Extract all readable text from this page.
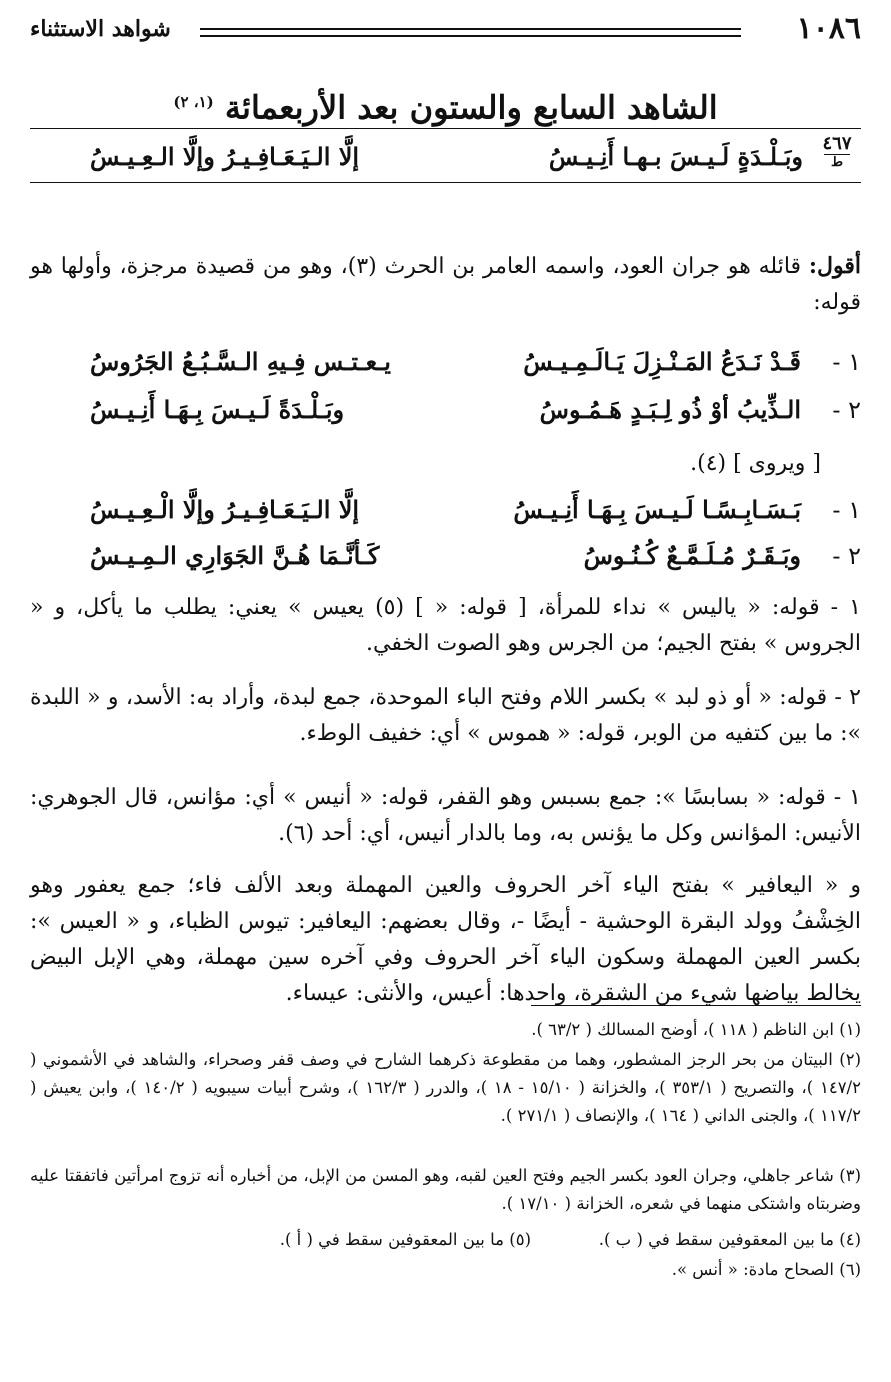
١٠٨٦
شواهد الاستثناء
الشاهد السابع والستون بعد الأربعمائة $^{(١، ٢)}$
٤٦٧
ط
وبَـلْـدَةٍ لَـيـسَ بـهـا أَنِـيـسُ
إلَّا الـيَـعَـافِـيـرُ وإلَّا الـعِـيـسُ
أقول: قائله هو جران العود، واسمه العامر بن الحرث (٣)، وهو من قصيدة مرجزة، وأولها هو قوله:
١ -
قَـدْ نَـدَعُ المَـنْـزِلَ يَـالَـمِـيـسُ
يـعـتـس فِـيهِ الـسَّـبُـعُ الجَرُوسُ
٢ -
الـذِّيبُ أوْ ذُو لِـبَـدٍ هَـمُـوسُ
وبَـلْـدَةً لَـيـسَ بِـهَـا أَنِـيـسُ
[ ويروى ] (٤).
١ -
بَـسَـابِـسًـا لَـيـسَ بِـهَـا أَنِـيـسُ
إلَّا الـيَـعَـافِـيـرُ وإلَّا الْـعِـيـسُ
٢ -
وبَـقَـرٌ مُـلَـمَّـعٌ كُـنُـوسُ
كَـأنَّـمَا هُـنَّ الجَوَارِي الـمِـيـسُ
١ - قوله: « ياليس » نداء للمرأة، [ قوله: « ] (٥) يعيس » يعني: يطلب ما يأكل، و « الجروس » بفتح الجيم؛ من الجرس وهو الصوت الخفي.
٢ - قوله: « أو ذو لبد » بكسر اللام وفتح الباء الموحدة، جمع لبدة، وأراد به: الأسد، و « اللبدة »: ما بين كتفيه من الوبر، قوله: « هموس » أي: خفيف الوطء.
١ - قوله: « بسابسًا »: جمع بسبس وهو القفر، قوله: « أنيس » أي: مؤانس، قال الجوهري: الأنيس: المؤانس وكل ما يؤنس به، وما بالدار أنيس، أي: أحد (٦).
و « اليعافير » بفتح الياء آخر الحروف والعين المهملة وبعد الألف فاء؛ جمع يعفور وهو الخِشْفُ وولد البقرة الوحشية - أيضًا -، وقال بعضهم: اليعافير: تيوس الظباء، و « العيس »: بكسر العين المهملة وسكون الياء آخر الحروف وفي آخره سين مهملة، وهي الإبل البيض يخالط بياضها شيء من الشقرة، واحدها: أعيس، والأنثى: عيساء.
(١) ابن الناظم ( ١١٨ )، أوضح المسالك ( ٦٣/٢ ).
(٢) البيتان من بحر الرجز المشطور، وهما من مقطوعة ذكرهما الشارح في وصف قفر وصحراء، والشاهد في الأشموني ( ١٤٧/٢ )، والتصريح ( ٣٥٣/١ )، والخزانة ( ١٥/١٠ - ١٨ )، والدرر ( ١٦٢/٣ )، وشرح أبيات سيبويه ( ١٤٠/٢ )، وابن يعيش ( ١١٧/٢ )، والجنى الداني ( ١٦٤ )، والإنصاف ( ٢٧١/١ ).
(٣) شاعر جاهلي، وجران العود بكسر الجيم وفتح العين لقبه، وهو المسن من الإبل، من أخباره أنه تزوج امرأتين فاتفقتا عليه وضربتاه واشتكى منهما في شعره، الخزانة ( ١٧/١٠ ).
(٤) ما بين المعقوفين سقط في ( ب ).
(٥) ما بين المعقوفين سقط في ( أ ).
(٦) الصحاح مادة: « أنس ».
